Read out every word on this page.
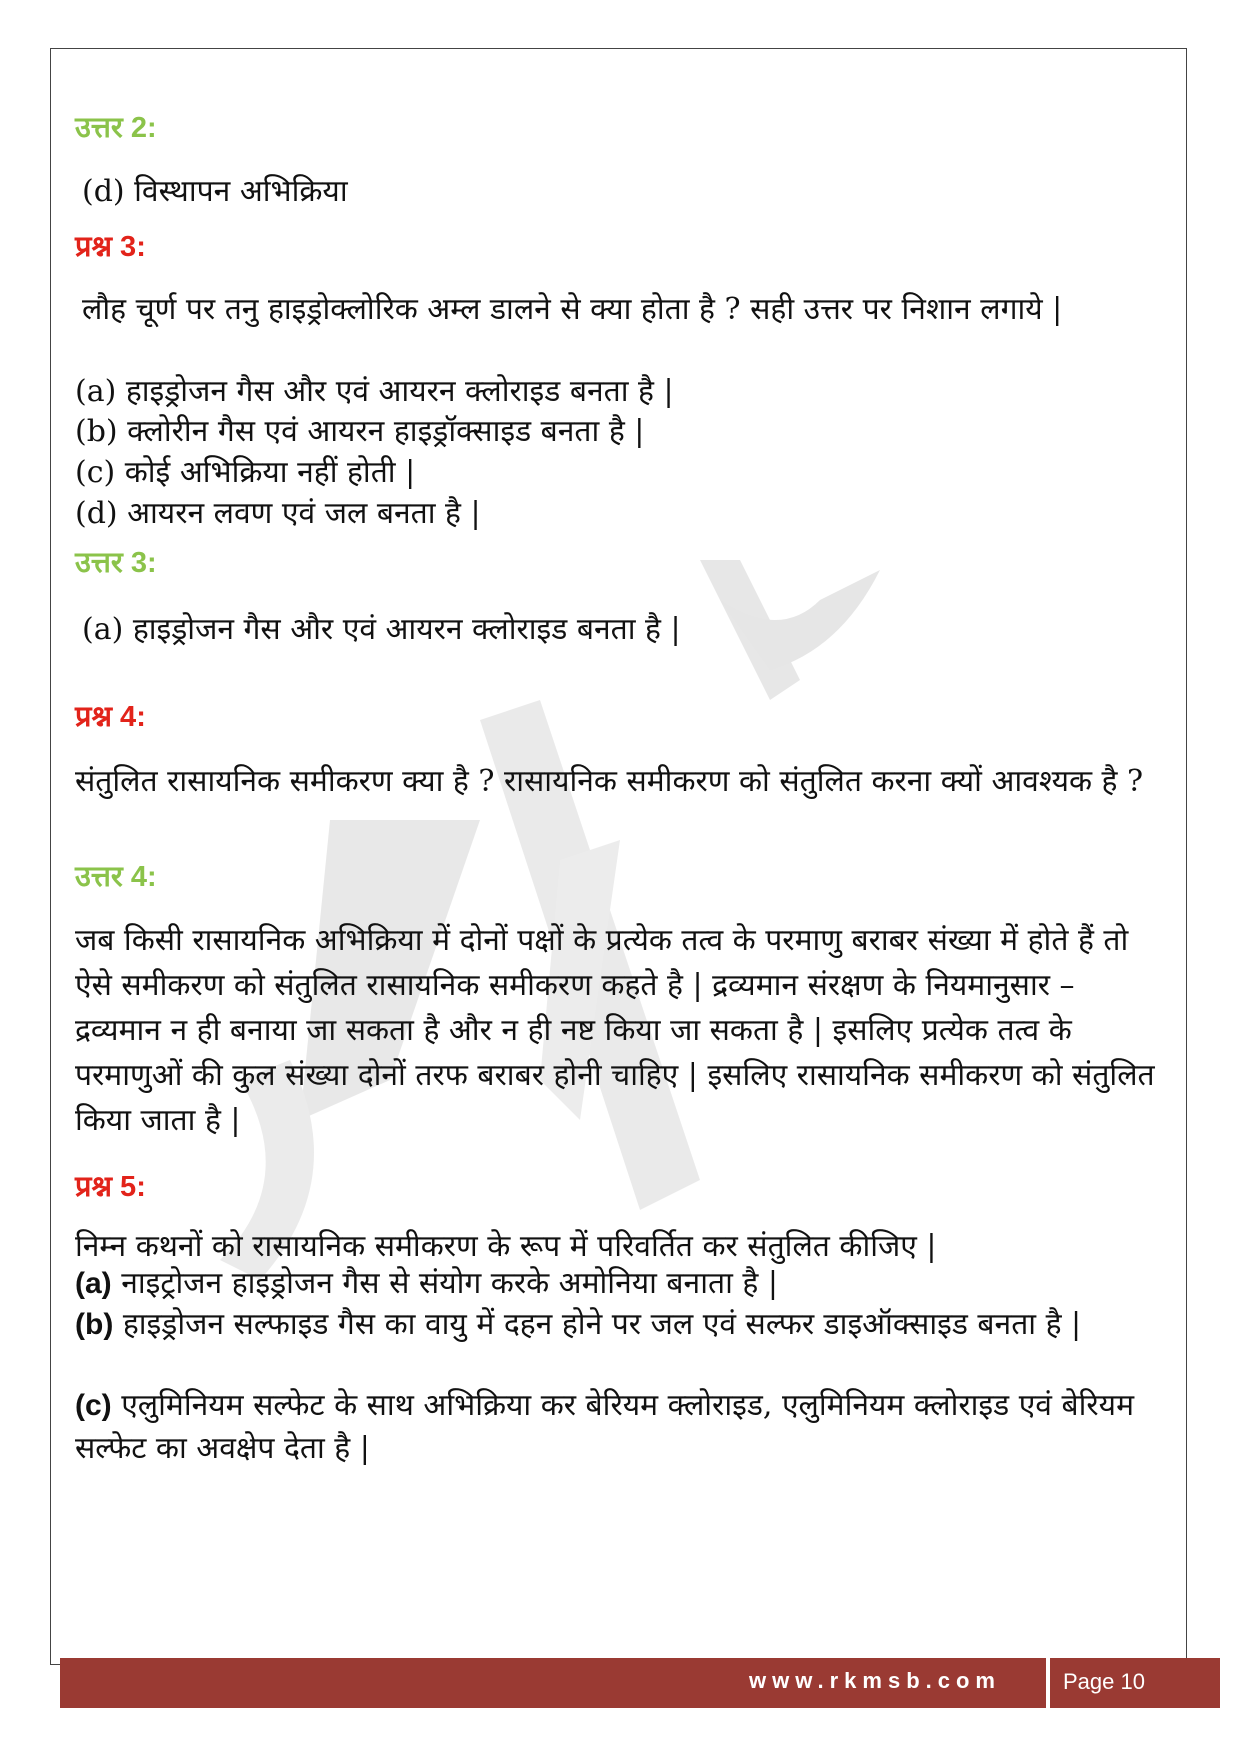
उत्तर 2:
(d) विस्थापन अभिक्रिया
प्रश्न 3:
लौह चूर्ण पर तनु हाइड्रोक्लोरिक अम्ल डालने से क्या होता है ? सही उत्तर पर निशान लगाये |
(a) हाइड्रोजन गैस और एवं आयरन क्लोराइड बनता है |
(b) क्लोरीन गैस एवं आयरन हाइड्रॉक्साइड बनता है |
(c) कोई अभिक्रिया नहीं होती |
(d) आयरन लवण एवं जल बनता है |
उत्तर 3:
(a) हाइड्रोजन गैस और एवं आयरन क्लोराइड बनता है |
प्रश्न 4:
संतुलित रासायनिक समीकरण क्या है ? रासायनिक समीकरण को संतुलित करना क्यों आवश्यक है ?
उत्तर 4:
जब किसी रासायनिक अभिक्रिया में दोनों पक्षों के प्रत्येक तत्व के परमाणु बराबर संख्या में होते हैं तो ऐसे समीकरण को संतुलित रासायनिक समीकरण कहते है | द्रव्यमान संरक्षण के नियमानुसार – द्रव्यमान न ही बनाया जा सकता है और न ही नष्ट किया जा सकता है | इसलिए प्रत्येक तत्व के परमाणुओं की कुल संख्या दोनों तरफ बराबर होनी चाहिए | इसलिए रासायनिक समीकरण को संतुलित किया जाता है |
प्रश्न 5:
निम्न कथनों को रासायनिक समीकरण के रूप में परिवर्तित कर संतुलित कीजिए |
(a) नाइट्रोजन हाइड्रोजन गैस से संयोग करके अमोनिया बनाता है |
(b) हाइड्रोजन सल्फाइड गैस का वायु में दहन होने पर जल एवं सल्फर डाइऑक्साइड बनता है |
(c) एलुमिनियम सल्फेट के साथ अभिक्रिया कर बेरियम क्लोराइड, एलुमिनियम क्लोराइड एवं बेरियम सल्फेट का अवक्षेप देता है |
www.rkmsb.com	Page 10
